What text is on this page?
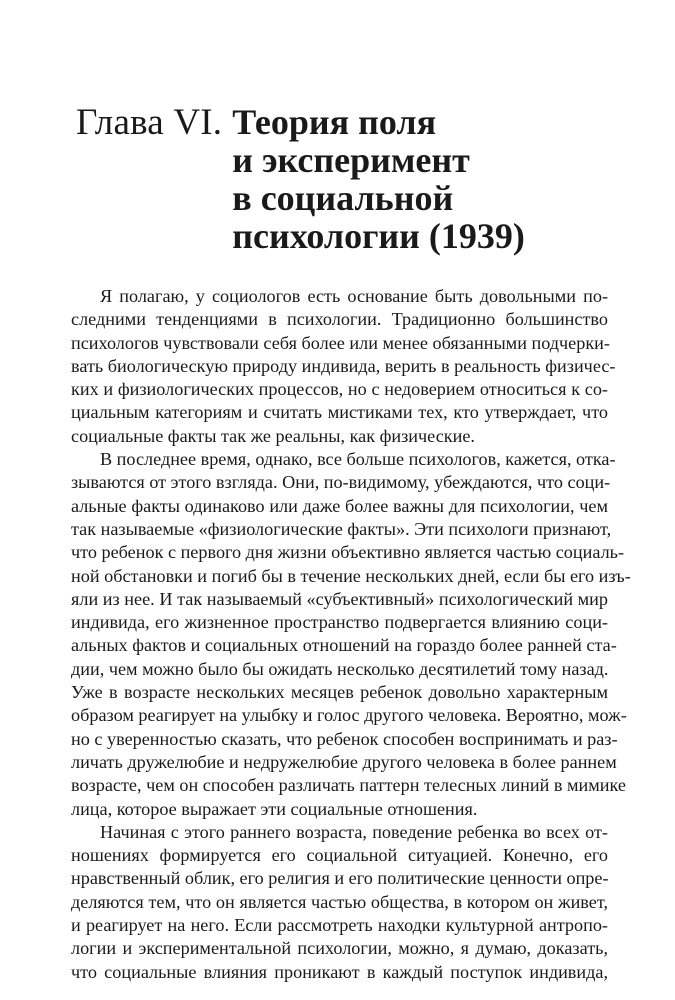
Глава VI. Теория поля
и эксперимент
в социальной
психологии (1939)
Я полагаю, у социологов есть основание быть довольными по-
следними тенденциями в психологии. Традиционно большинство
психологов чувствовали себя более или менее обязанными подчерки-
вать биологическую природу индивида, верить в реальность физичес-
ких и физиологических процессов, но с недоверием относиться к со-
циальным категориям и считать мистиками тех, кто утверждает, что
социальные факты так же реальны, как физические.
В последнее время, однако, все больше психологов, кажется, отка-
зываются от этого взгляда. Они, по-видимому, убеждаются, что соци-
альные факты одинаково или даже более важны для психологии, чем
так называемые «физиологические факты». Эти психологи признают,
что ребенок с первого дня жизни объективно является частью социаль-
ной обстановки и погиб бы в течение нескольких дней, если бы его изъ-
яли из нее. И так называемый «субъективный» психологический мир
индивида, его жизненное пространство подвергается влиянию соци-
альных фактов и социальных отношений на гораздо более ранней ста-
дии, чем можно было бы ожидать несколько десятилетий тому назад.
Уже в возрасте нескольких месяцев ребенок довольно характерным
образом реагирует на улыбку и голос другого человека. Вероятно, мож-
но с уверенностью сказать, что ребенок способен воспринимать и раз-
личать дружелюбие и недружелюбие другого человека в более раннем
возрасте, чем он способен различать паттерн телесных линий в мимике
лица, которое выражает эти социальные отношения.
Начиная с этого раннего возраста, поведение ребенка во всех от-
ношениях формируется его социальной ситуацией. Конечно, его
нравственный облик, его религия и его политические ценности опре-
деляются тем, что он является частью общества, в котором он живет,
и реагирует на него. Если рассмотреть находки культурной антропо-
логии и экспериментальной психологии, можно, я думаю, доказать,
что социальные влияния проникают в каждый поступок индивида,
